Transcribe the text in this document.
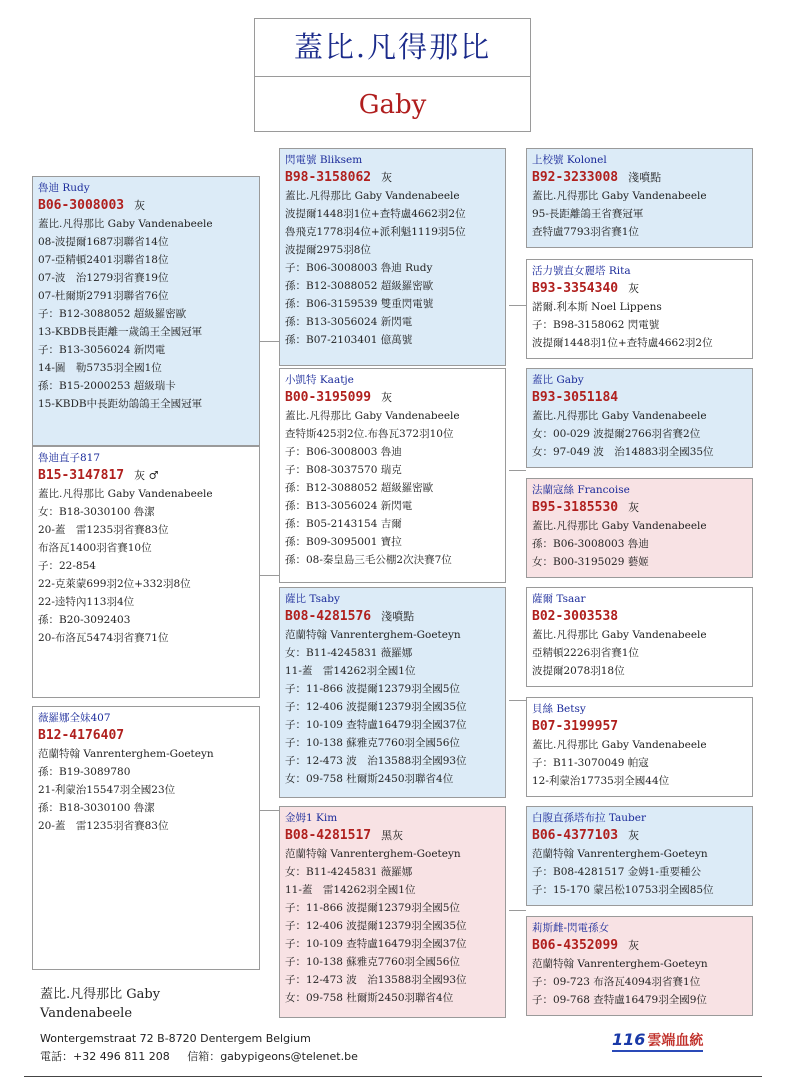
蓋比.凡得那比
Gaby
魯迪 Rudy
B06-3008003 灰
蓋比.凡得那比 Gaby Vandenabeele
08-波提爾1687羽聯省14位
07-亞精頓2401羽聯省18位
07-波　治1279羽省賽19位
07-杜爾斯2791羽聯省76位
子：B12-3088052 超級羅密歐
13-KBDB長距離一歲鴿王全國冠軍
子：B13-3056024 新閃電
14-圖　勒5735羽全國1位
孫：B15-2000253 超級瑞卡
15-KBDB中長距幼鴿鴿王全國冠軍
魯迪直子817
B15-3147817 灰 ♂
蓋比.凡得那比 Gaby Vandenabeele
女：B18-3030100 魯潔
20-蓋　雷1235羽省賽83位
布洛瓦1400羽省賽10位
子：22-854
22-克萊蒙699羽2位+332羽8位
22-逵特內113羽4位
孫：B20-3092403
20-布洛瓦5474羽省賽71位
薇羅娜全妹407
B12-4176407
范蘭特翰 Vanrenterghem-Goeteyn
孫：B19-3089780
21-利蒙治15547羽全國23位
孫：B18-3030100 魯潔
20-蓋　雷1235羽省賽83位
閃電號 Bliksem
B98-3158062 灰
蓋比.凡得那比 Gaby Vandenabeele
波提爾1448羽1位+查特盧4662羽2位
魯飛克1778羽4位+派利魁1119羽5位
波提爾2975羽8位
子：B06-3008003 魯迪 Rudy
孫：B12-3088052 超級羅密歐
孫：B06-3159539 雙重閃電號
孫：B13-3056024 新閃電
孫：B07-2103401 億萬號
小凱特 Kaatje
B00-3195099 灰
蓋比.凡得那比 Gaby Vandenabeele
查特斯425羽2位.布魯瓦372羽10位
子：B06-3008003 魯迪
子：B08-3037570 瑞克
孫：B12-3088052 超級羅密歐
孫：B13-3056024 新閃電
孫：B05-2143154 吉爾
孫：B09-3095001 寶拉
孫：08-秦皇島三毛公棚2次決賽7位
薩比 Tsaby
B08-4281576 淺噴點
范蘭特翰 Vanrenterghem-Goeteyn
女：B11-4245831 薇羅娜
11-蓋　雷14262羽全國1位
子：11-866 波提爾12379羽全國5位
子：12-406 波提爾12379羽全國35位
子：10-109 查特盧16479羽全國37位
子：10-138 蘇雅克7760羽全國56位
子：12-473 波　治13588羽全國93位
女：09-758 杜爾斯2450羽聯省4位
金姆1 Kim
B08-4281517 黑灰
范蘭特翰 Vanrenterghem-Goeteyn
女：B11-4245831 薇羅娜
11-蓋　雷14262羽全國1位
子：11-866 波提爾12379羽全國5位
子：12-406 波提爾12379羽全國35位
子：10-109 查特盧16479羽全國37位
子：10-138 蘇雅克7760羽全國56位
子：12-473 波　治13588羽全國93位
女：09-758 杜爾斯2450羽聯省4位
上校號 Kolonel
B92-3233008 淺噴點
蓋比.凡得那比 Gaby Vandenabeele
95-長距離鴿王省賽冠軍
查特盧7793羽省賽1位
活力號直女麗塔 Rita
B93-3354340 灰
諾爾.利本斯 Noel Lippens
子：B98-3158062 閃電號
波提爾1448羽1位+查特盧4662羽2位
蓋比 Gaby
B93-3051184
蓋比.凡得那比 Gaby Vandenabeele
女：00-029 波提爾2766羽省賽2位
女：97-049 波　治14883羽全國35位
法蘭寇絲 Francoise
B95-3185530 灰
蓋比.凡得那比 Gaby Vandenabeele
孫：B06-3008003 魯迪
女：B00-3195029 藝姬
薩爾 Tsaar
B02-3003538
蓋比.凡得那比 Gaby Vandenabeele
亞精頓2226羽省賽1位
波提爾2078羽18位
貝絲 Betsy
B07-3199957
蓋比.凡得那比 Gaby Vandenabeele
子：B11-3070049 帕寇
12-利蒙治17735羽全國44位
白腹直孫塔布拉 Tauber
B06-4377103 灰
范蘭特翰 Vanrenterghem-Goeteyn
子：B08-4281517 金姆1-重要種公
子：15-170 蒙呂松10753羽全國85位
莉斯雌-閃電孫女
B06-4352099 灰
范蘭特翰 Vanrenterghem-Goeteyn
子：09-723 布洛瓦4094羽省賽1位
子：09-768 查特盧16479羽全國9位
蓋比.凡得那比 Gaby
Vandenabeele
Wontergemstraat 72 B-8720 Dentergem Belgium
電話：+32 496 811 208 信箱：gabypigeons@telenet.be
116 雲端血統
